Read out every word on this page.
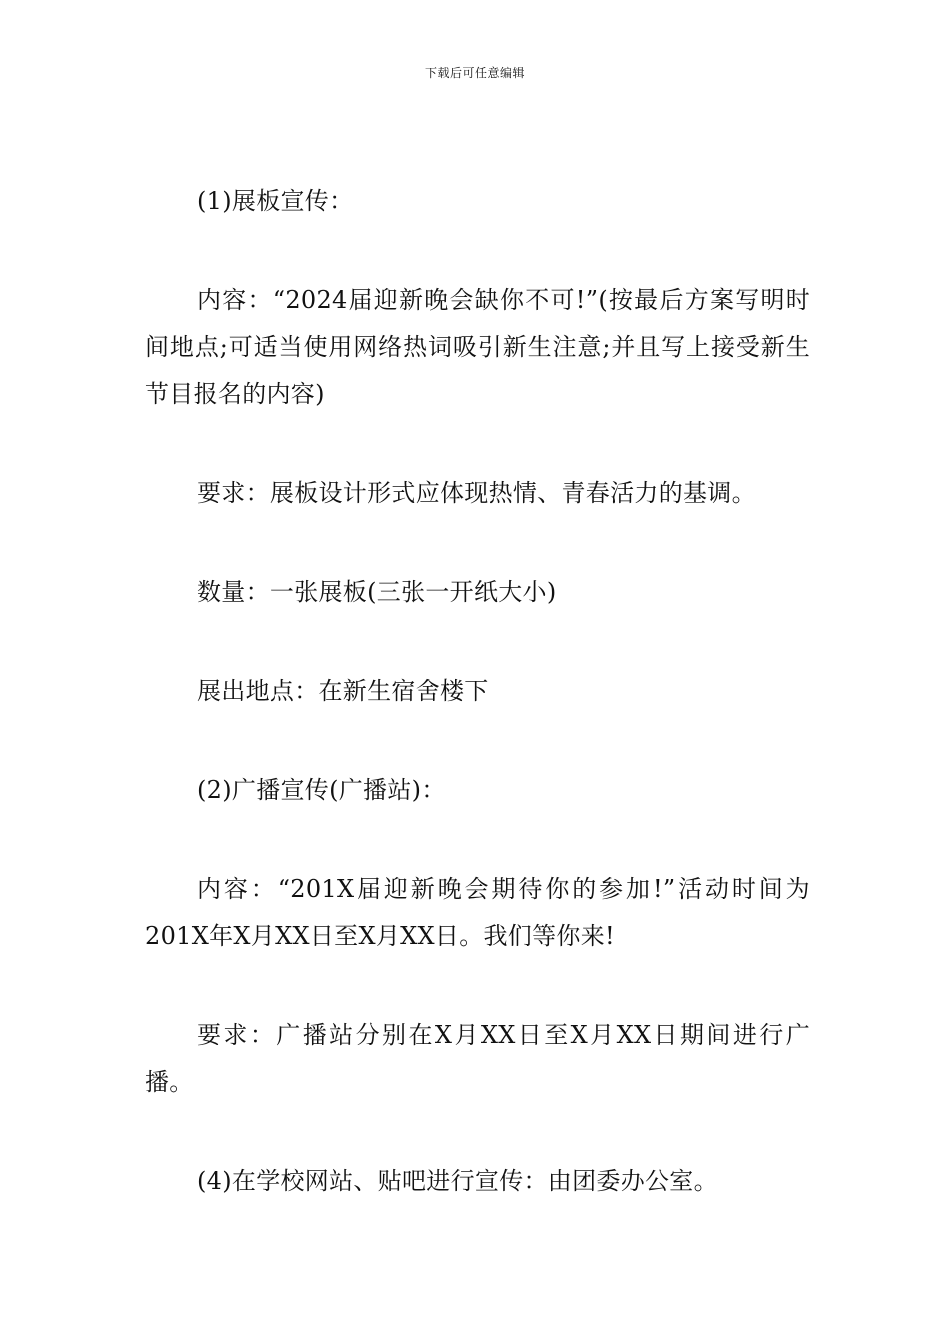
下载后可任意编辑

(1)展板宣传：

内容：“2024届迎新晚会缺你不可!”(按最后方案写明时间地点;可适当使用网络热词吸引新生注意;并且写上接受新生节目报名的内容)

要求：展板设计形式应体现热情、青春活力的基调。

数量：一张展板(三张一开纸大小)

展出地点：在新生宿舍楼下

(2)广播宣传(广播站)：

内容：“201X届迎新晚会期待你的参加!”活动时间为201X年X月XX日至X月XX日。我们等你来!

要求：广播站分别在X月XX日至X月XX日期间进行广播。

(4)在学校网站、贴吧进行宣传：由团委办公室。
